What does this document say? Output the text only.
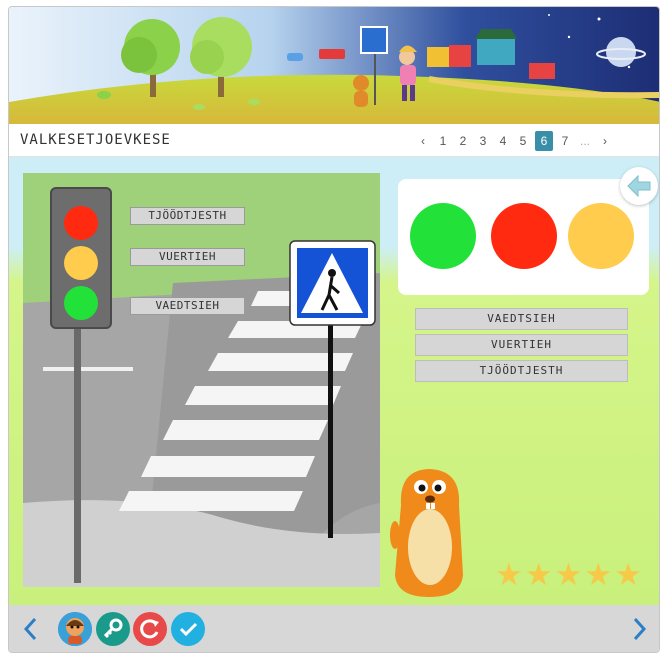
VALKESETJOEVKESE	‹	1	2	3	4	5	6	7 ...	›
TJÖÖDTJESTH
VUERTIEH
VAEDTSIEH
VAEDTSIEH
VUERTIEH
TJÖÖDTJESTH
★ ★ ★ ★ ★
